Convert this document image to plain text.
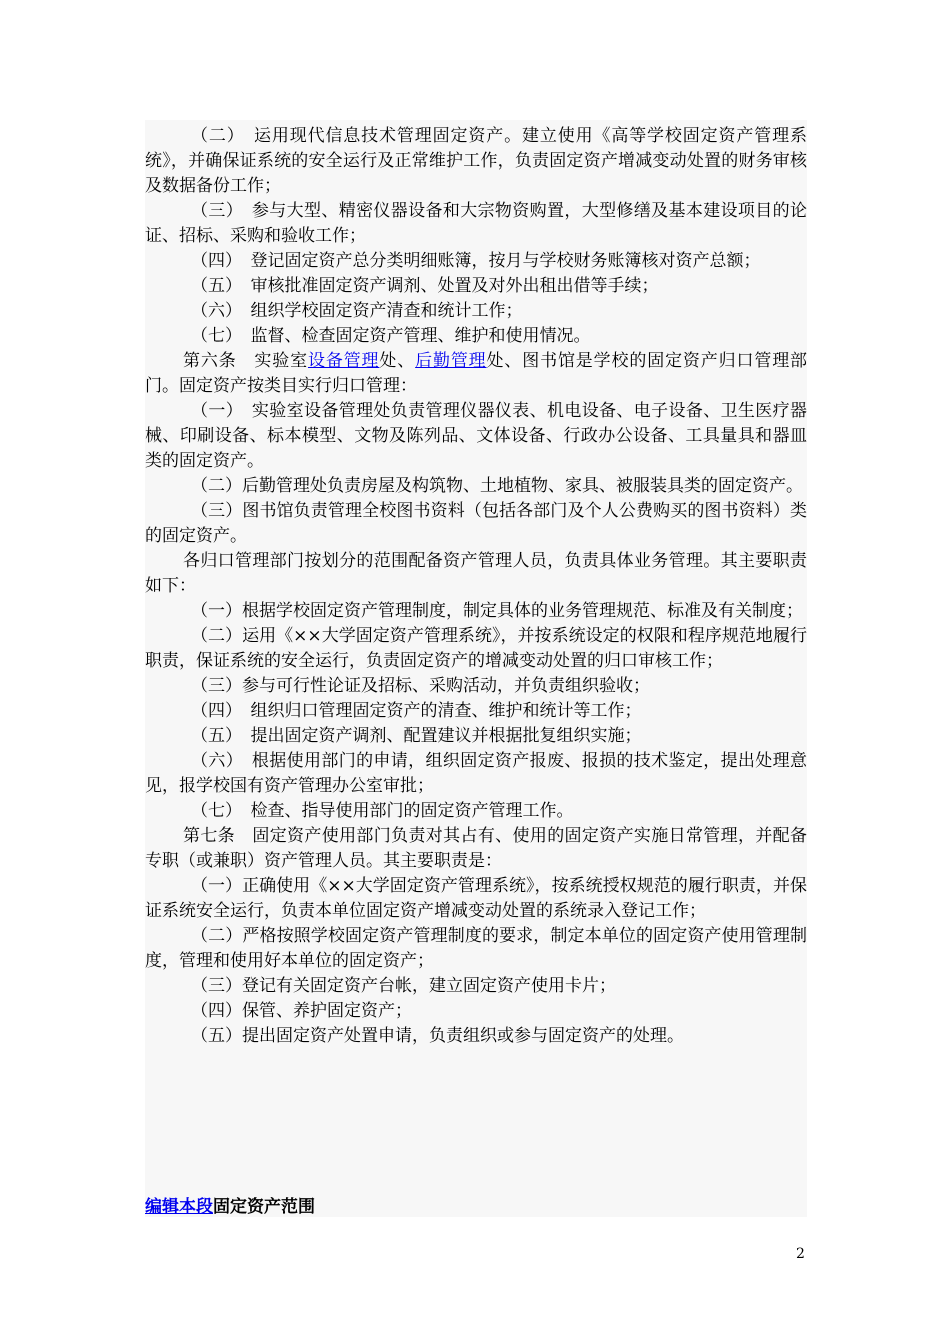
（二）　运用现代信息技术管理固定资产。建立使用《高等学校固定资产管理系统》，并确保证系统的安全运行及正常维护工作，负责固定资产增减变动处置的财务审核及数据备份工作；

（三）　参与大型、精密仪器设备和大宗物资购置，大型修缮及基本建设项目的论证、招标、采购和验收工作；

（四）　登记固定资产总分类明细账簿，按月与学校财务账簿核对资产总额；

（五）　审核批准固定资产调剂、处置及对外出租出借等手续；

（六）　组织学校固定资产清查和统计工作；

（七）　监督、检查固定资产管理、维护和使用情况。

第六条　实验室设备管理处、后勤管理处、图书馆是学校的固定资产归口管理部门。固定资产按类目实行归口管理：

（一）　实验室设备管理处负责管理仪器仪表、机电设备、电子设备、卫生医疗器械、印刷设备、标本模型、文物及陈列品、文体设备、行政办公设备、工具量具和器皿类的固定资产。

（二）后勤管理处负责房屋及构筑物、土地植物、家具、被服装具类的固定资产。

（三）图书馆负责管理全校图书资料（包括各部门及个人公费购买的图书资料）类的固定资产。

各归口管理部门按划分的范围配备资产管理人员，负责具体业务管理。其主要职责如下：

（一）根据学校固定资产管理制度，制定具体的业务管理规范、标准及有关制度；

（二）运用《××大学固定资产管理系统》，并按系统设定的权限和程序规范地履行职责，保证系统的安全运行，负责固定资产的增减变动处置的归口审核工作；

（三）参与可行性论证及招标、采购活动，并负责组织验收；

（四）　组织归口管理固定资产的清查、维护和统计等工作；

（五）　提出固定资产调剂、配置建议并根据批复组织实施；

（六）　根据使用部门的申请，组织固定资产报废、报损的技术鉴定，提出处理意见，报学校国有资产管理办公室审批；

（七）　检查、指导使用部门的固定资产管理工作。

第七条　固定资产使用部门负责对其占有、使用的固定资产实施日常管理，并配备专职（或兼职）资产管理人员。其主要职责是：

（一）正确使用《××大学固定资产管理系统》，按系统授权规范的履行职责，并保证系统安全运行，负责本单位固定资产增减变动处置的系统录入登记工作；

（二）严格按照学校固定资产管理制度的要求，制定本单位的固定资产使用管理制度，管理和使用好本单位的固定资产；

（三）登记有关固定资产台帐，建立固定资产使用卡片；

（四）保管、养护固定资产；

（五）提出固定资产处置申请，负责组织或参与固定资产的处理。

编辑本段固定资产范围
2
